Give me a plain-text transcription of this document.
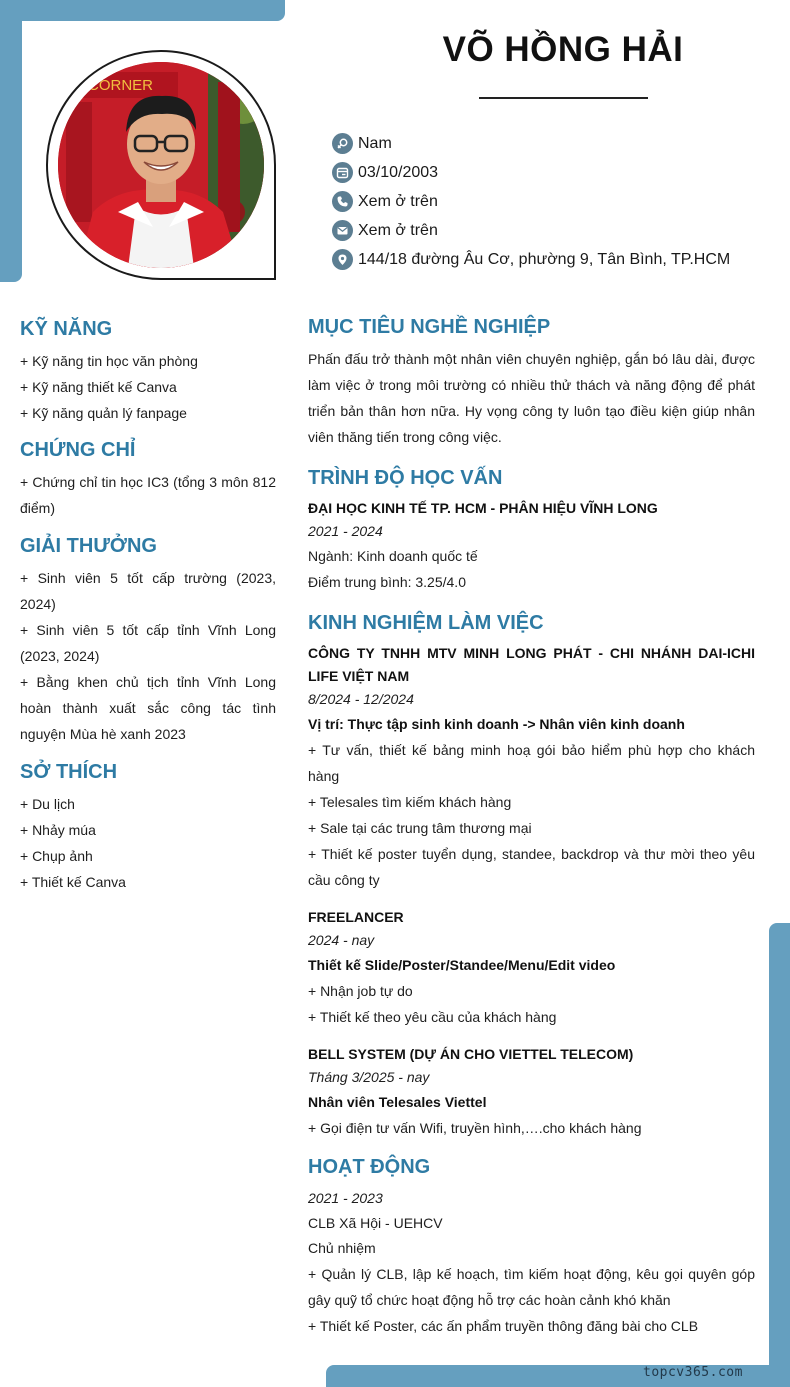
topcv365.com
CORNER
VÕ HỒNG HẢI
Nam
03/10/2003
Xem ở trên
Xem ở trên
144/18 đường Âu Cơ, phường 9, Tân Bình, TP.HCM
KỸ NĂNG
+ Kỹ năng tin học văn phòng
+ Kỹ năng thiết kế Canva
+ Kỹ năng quản lý fanpage
CHỨNG CHỈ
+ Chứng chỉ tin học IC3 (tổng 3 môn 812 điểm)
GIẢI THƯỞNG
+ Sinh viên 5 tốt cấp trường (2023, 2024)
+ Sinh viên 5 tốt cấp tỉnh Vĩnh Long (2023, 2024)
+ Bằng khen chủ tịch tỉnh Vĩnh Long hoàn thành xuất sắc công tác tình nguyện Mùa hè xanh 2023
SỞ THÍCH
+ Du lịch
+ Nhảy múa
+ Chụp ảnh
+ Thiết kế Canva
MỤC TIÊU NGHỀ NGHIỆP
Phấn đấu trở thành một nhân viên chuyên nghiệp, gắn bó lâu dài, được làm việc ở trong môi trường có nhiều thử thách và năng động để phát triển bản thân hơn nữa. Hy vọng công ty luôn tạo điều kiện giúp nhân viên thăng tiến trong công việc.
TRÌNH ĐỘ HỌC VẤN
ĐẠI HỌC KINH TẾ TP. HCM - PHÂN HIỆU VĨNH LONG
2021 - 2024
Ngành: Kinh doanh quốc tế
Điểm trung bình: 3.25/4.0
KINH NGHIỆM LÀM VIỆC
CÔNG TY TNHH MTV MINH LONG PHÁT - CHI NHÁNH DAI-ICHI LIFE VIỆT NAM
8/2024 - 12/2024
Vị trí: Thực tập sinh kinh doanh -> Nhân viên kinh doanh
+ Tư vấn, thiết kế bảng minh hoạ gói bảo hiểm phù hợp cho khách hàng
+ Telesales tìm kiếm khách hàng
+ Sale tại các trung tâm thương mại
+ Thiết kế poster tuyển dụng, standee, backdrop và thư mời theo yêu cầu công ty
FREELANCER
2024 - nay
Thiết kế Slide/Poster/Standee/Menu/Edit video
+ Nhận job tự do
+ Thiết kế theo yêu cầu của khách hàng
BELL SYSTEM (DỰ ÁN CHO VIETTEL TELECOM)
Tháng 3/2025 - nay
Nhân viên Telesales Viettel
+ Gọi điện tư vấn Wifi, truyền hình,….cho khách hàng
HOẠT ĐỘNG
2021 - 2023
CLB Xã Hội - UEHCV
Chủ nhiệm
+ Quản lý CLB, lập kế hoạch, tìm kiếm hoạt động, kêu gọi quyên góp gây quỹ tổ chức hoạt động hỗ trợ các hoàn cảnh khó khăn
+ Thiết kế Poster, các ấn phẩm truyền thông đăng bài cho CLB
